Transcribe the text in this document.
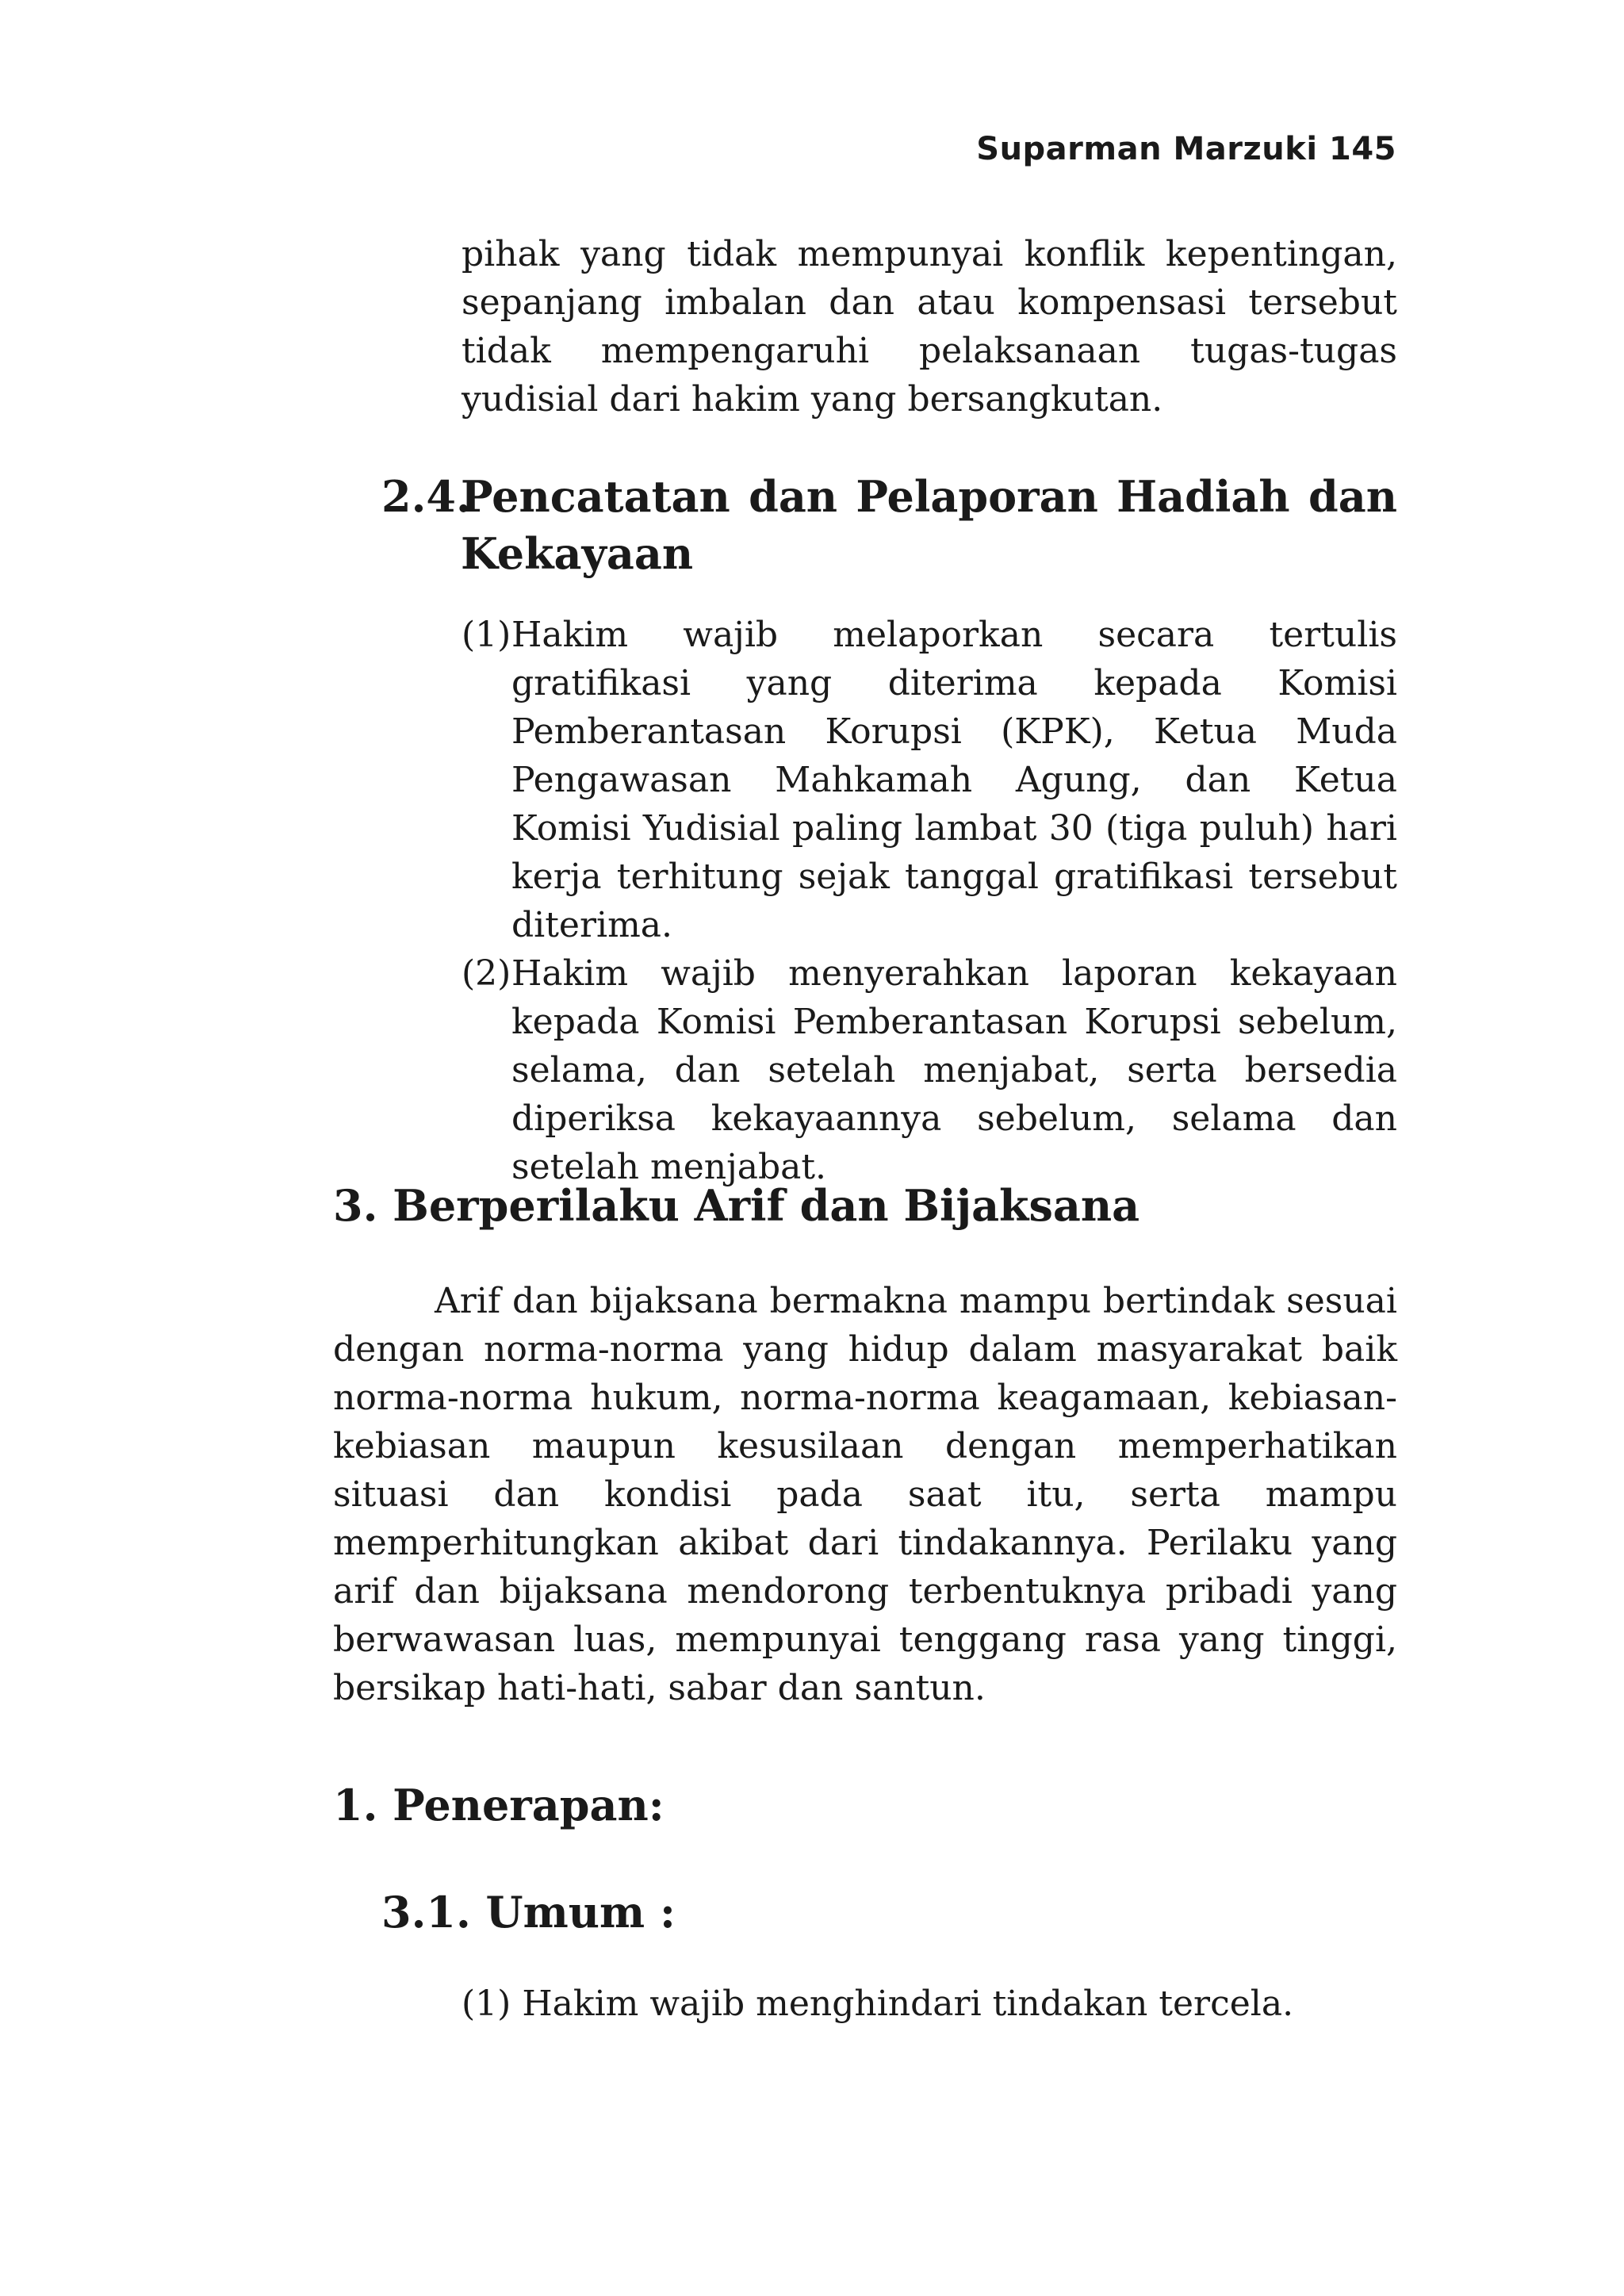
Suparman Marzuki 145
pihak yang tidak mempunyai konflik kepentingan, sepanjang imbalan dan atau kompensasi tersebut tidak mempengaruhi pelaksanaan tugas-tugas yudisial dari hakim yang bersangkutan.
2.4.
Pencatatan dan Pelaporan Hadiah dan Kekayaan
(1) Hakim wajib melaporkan secara tertulis gratifikasi yang diterima kepada Komisi Pemberantasan Korupsi (KPK), Ketua Muda Pengawasan Mahkamah Agung, dan Ketua Komisi Yudisial paling lambat 30 (tiga puluh) hari kerja terhitung sejak tanggal gratifikasi tersebut diterima.
(2) Hakim wajib menyerahkan laporan kekayaan kepada Komisi Pemberantasan Korupsi sebelum, selama, dan setelah menjabat, serta bersedia diperiksa kekayaannya sebelum, selama dan setelah menjabat.
3. Berperilaku Arif dan Bijaksana
Arif dan bijaksana bermakna mampu bertindak sesuai dengan norma-norma yang hidup dalam masyarakat baik norma-norma hukum, norma-norma keagamaan, kebiasan-kebiasan maupun kesusilaan dengan memperhatikan situasi dan kondisi pada saat itu, serta mampu memperhitungkan akibat dari tindakannya. Perilaku yang arif dan bijaksana mendorong terbentuknya pribadi yang berwawasan luas, mempunyai tenggang rasa yang tinggi, bersikap hati-hati, sabar dan santun.
1. Penerapan:
3.1. Umum :
(1) Hakim wajib menghindari tindakan tercela.
